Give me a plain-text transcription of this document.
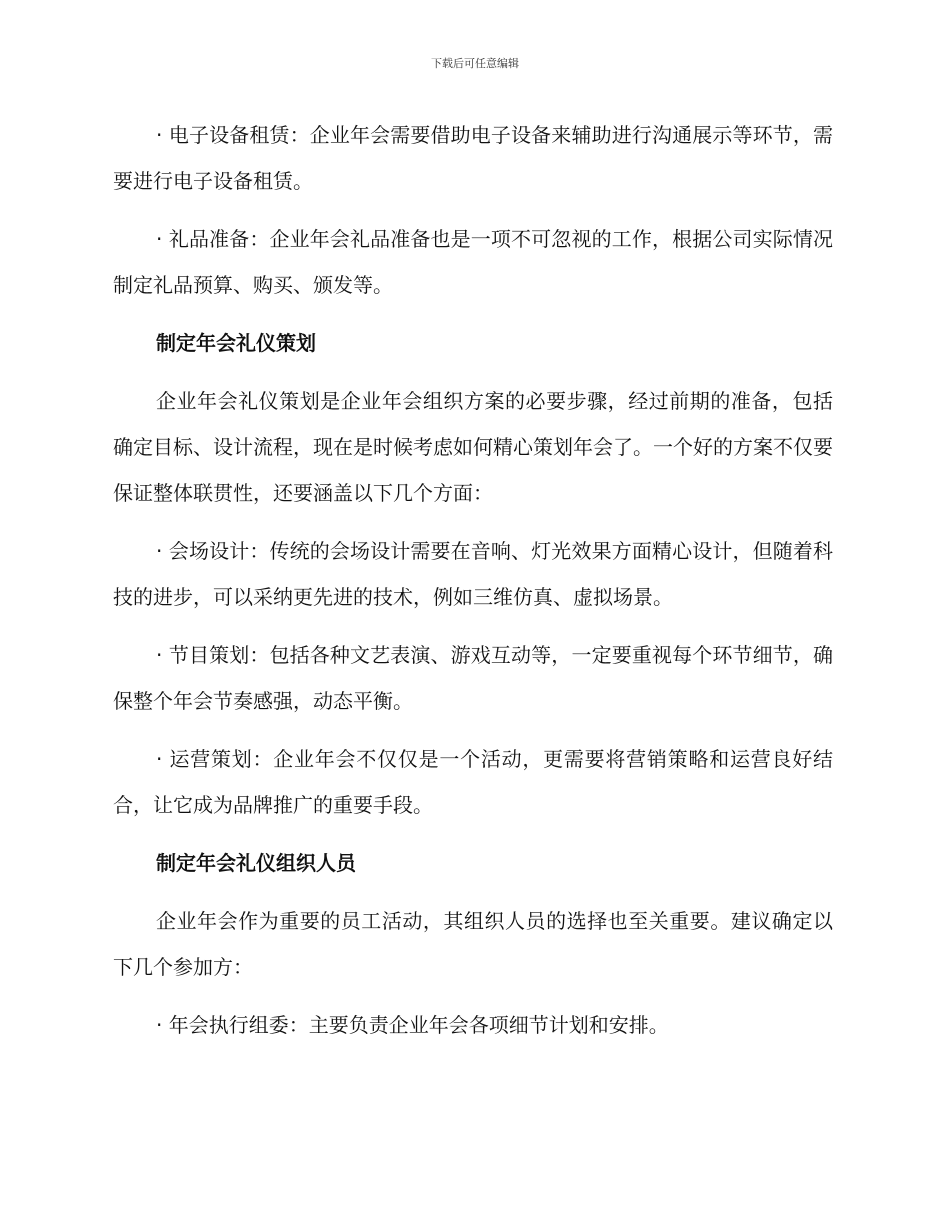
下载后可任意编辑

· 电子设备租赁：企业年会需要借助电子设备来辅助进行沟通展示等环节，需要进行电子设备租赁。

· 礼品准备：企业年会礼品准备也是一项不可忽视的工作，根据公司实际情况制定礼品预算、购买、颁发等。

制定年会礼仪策划

企业年会礼仪策划是企业年会组织方案的必要步骤，经过前期的准备，包括确定目标、设计流程，现在是时候考虑如何精心策划年会了。一个好的方案不仅要保证整体联贯性，还要涵盖以下几个方面：

· 会场设计：传统的会场设计需要在音响、灯光效果方面精心设计，但随着科技的进步，可以采纳更先进的技术，例如三维仿真、虚拟场景。

· 节目策划：包括各种文艺表演、游戏互动等，一定要重视每个环节细节，确保整个年会节奏感强，动态平衡。

· 运营策划：企业年会不仅仅是一个活动，更需要将营销策略和运营良好结合，让它成为品牌推广的重要手段。

制定年会礼仪组织人员

企业年会作为重要的员工活动，其组织人员的选择也至关重要。建议确定以下几个参加方：

· 年会执行组委：主要负责企业年会各项细节计划和安排。
